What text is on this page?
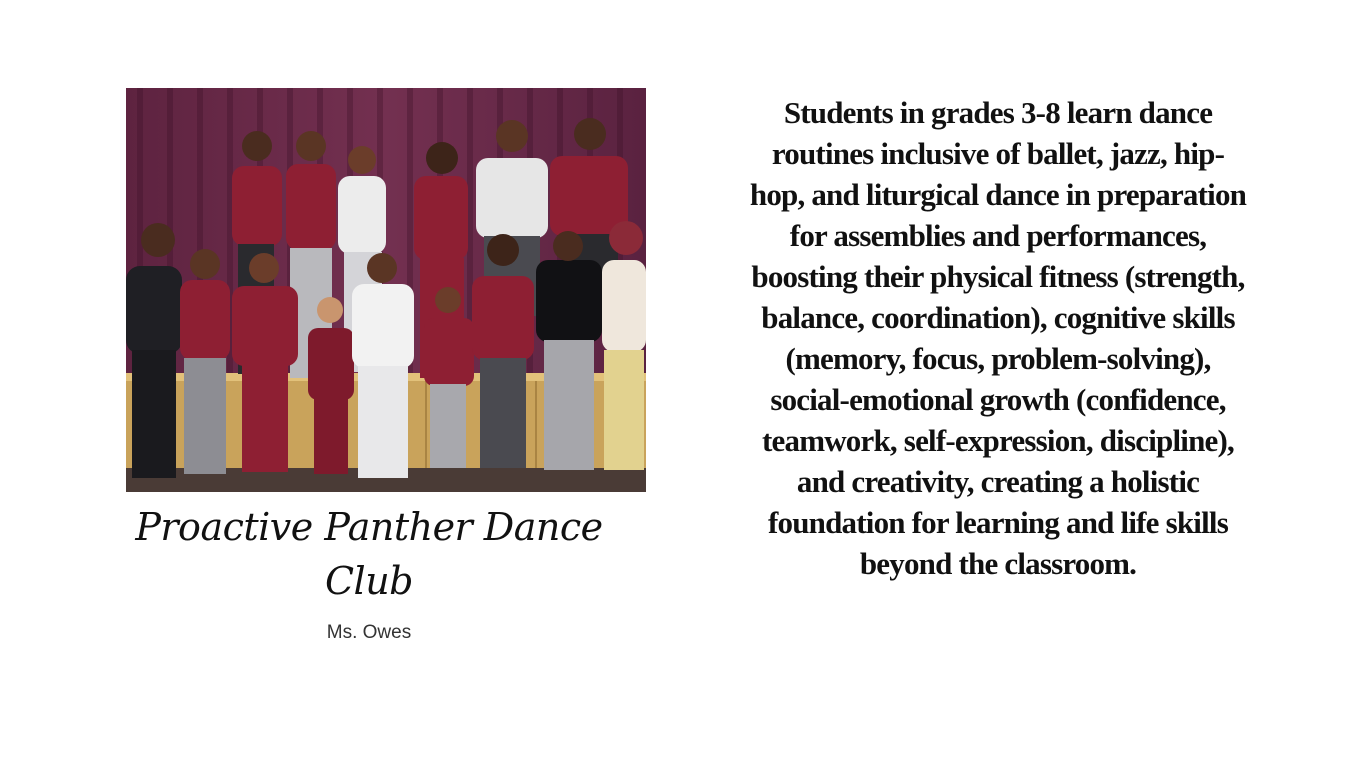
Proactive Panther Dance Club
Ms. Owes
Students in grades 3-8 learn dance routines inclusive of ballet, jazz, hip-hop, and liturgical dance in preparation for assemblies and performances, boosting their physical fitness (strength, balance, coordination), cognitive skills (memory, focus, problem-solving), social-emotional growth (confidence, teamwork, self-expression, discipline), and creativity, creating a holistic foundation for learning and life skills beyond the classroom.
